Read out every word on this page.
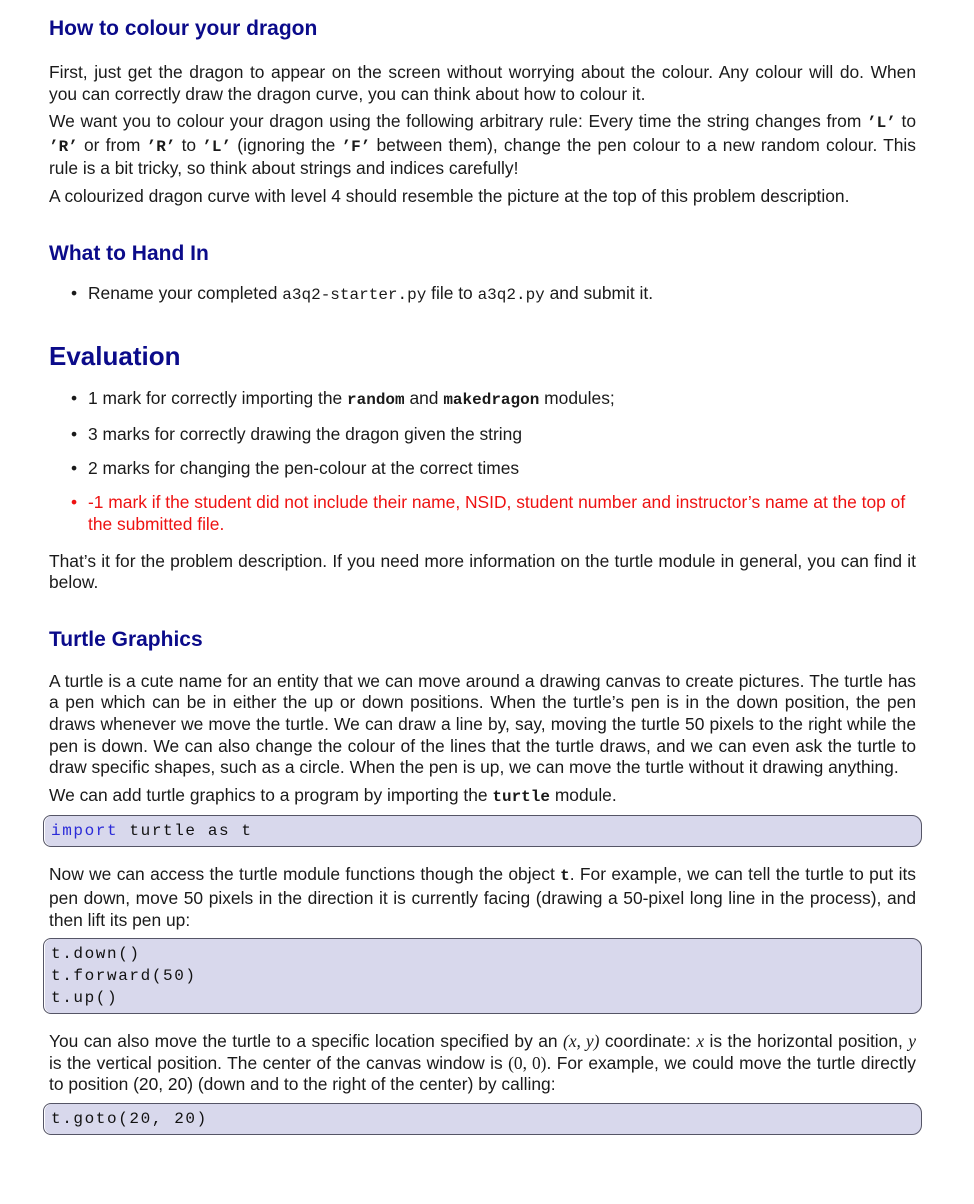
How to colour your dragon

First, just get the dragon to appear on the screen without worrying about the colour. Any colour will do. When you can correctly draw the dragon curve, you can think about how to colour it.

We want you to colour your dragon using the following arbitrary rule: Every time the string changes from ’L’ to ’R’ or from ’R’ to ’L’ (ignoring the ’F’ between them), change the pen colour to a new random colour. This rule is a bit tricky, so think about strings and indices carefully!

A colourized dragon curve with level 4 should resemble the picture at the top of this problem description.

What to Hand In
• Rename your completed a3q2-starter.py file to a3q2.py and submit it.
Evaluation
• 1 mark for correctly importing the random and makedragon modules;
• 3 marks for correctly drawing the dragon given the string
• 2 marks for changing the pen-colour at the correct times
• -1 mark if the student did not include their name, NSID, student number and instructor’s name at the top of the submitted file.

That’s it for the problem description. If you need more information on the turtle module in general, you can find it below.

Turtle Graphics

A turtle is a cute name for an entity that we can move around a drawing canvas to create pictures. The turtle has a pen which can be in either the up or down positions. When the turtle’s pen is in the down position, the pen draws whenever we move the turtle. We can draw a line by, say, moving the turtle 50 pixels to the right while the pen is down. We can also change the colour of the lines that the turtle draws, and we can even ask the turtle to draw specific shapes, such as a circle. When the pen is up, we can move the turtle without it drawing anything.

We can add turtle graphics to a program by importing the turtle module.

import turtle as t

Now we can access the turtle module functions though the object t. For example, we can tell the turtle to put its pen down, move 50 pixels in the direction it is currently facing (drawing a 50-pixel long line in the process), and then lift its pen up:

t.down()
t.forward(50)
t.up()

You can also move the turtle to a specific location specified by an (x, y) coordinate: x is the horizontal position, y is the vertical position. The center of the canvas window is (0, 0). For example, we could move the turtle directly to position (20, 20) (down and to the right of the center) by calling:

t.goto(20, 20)
